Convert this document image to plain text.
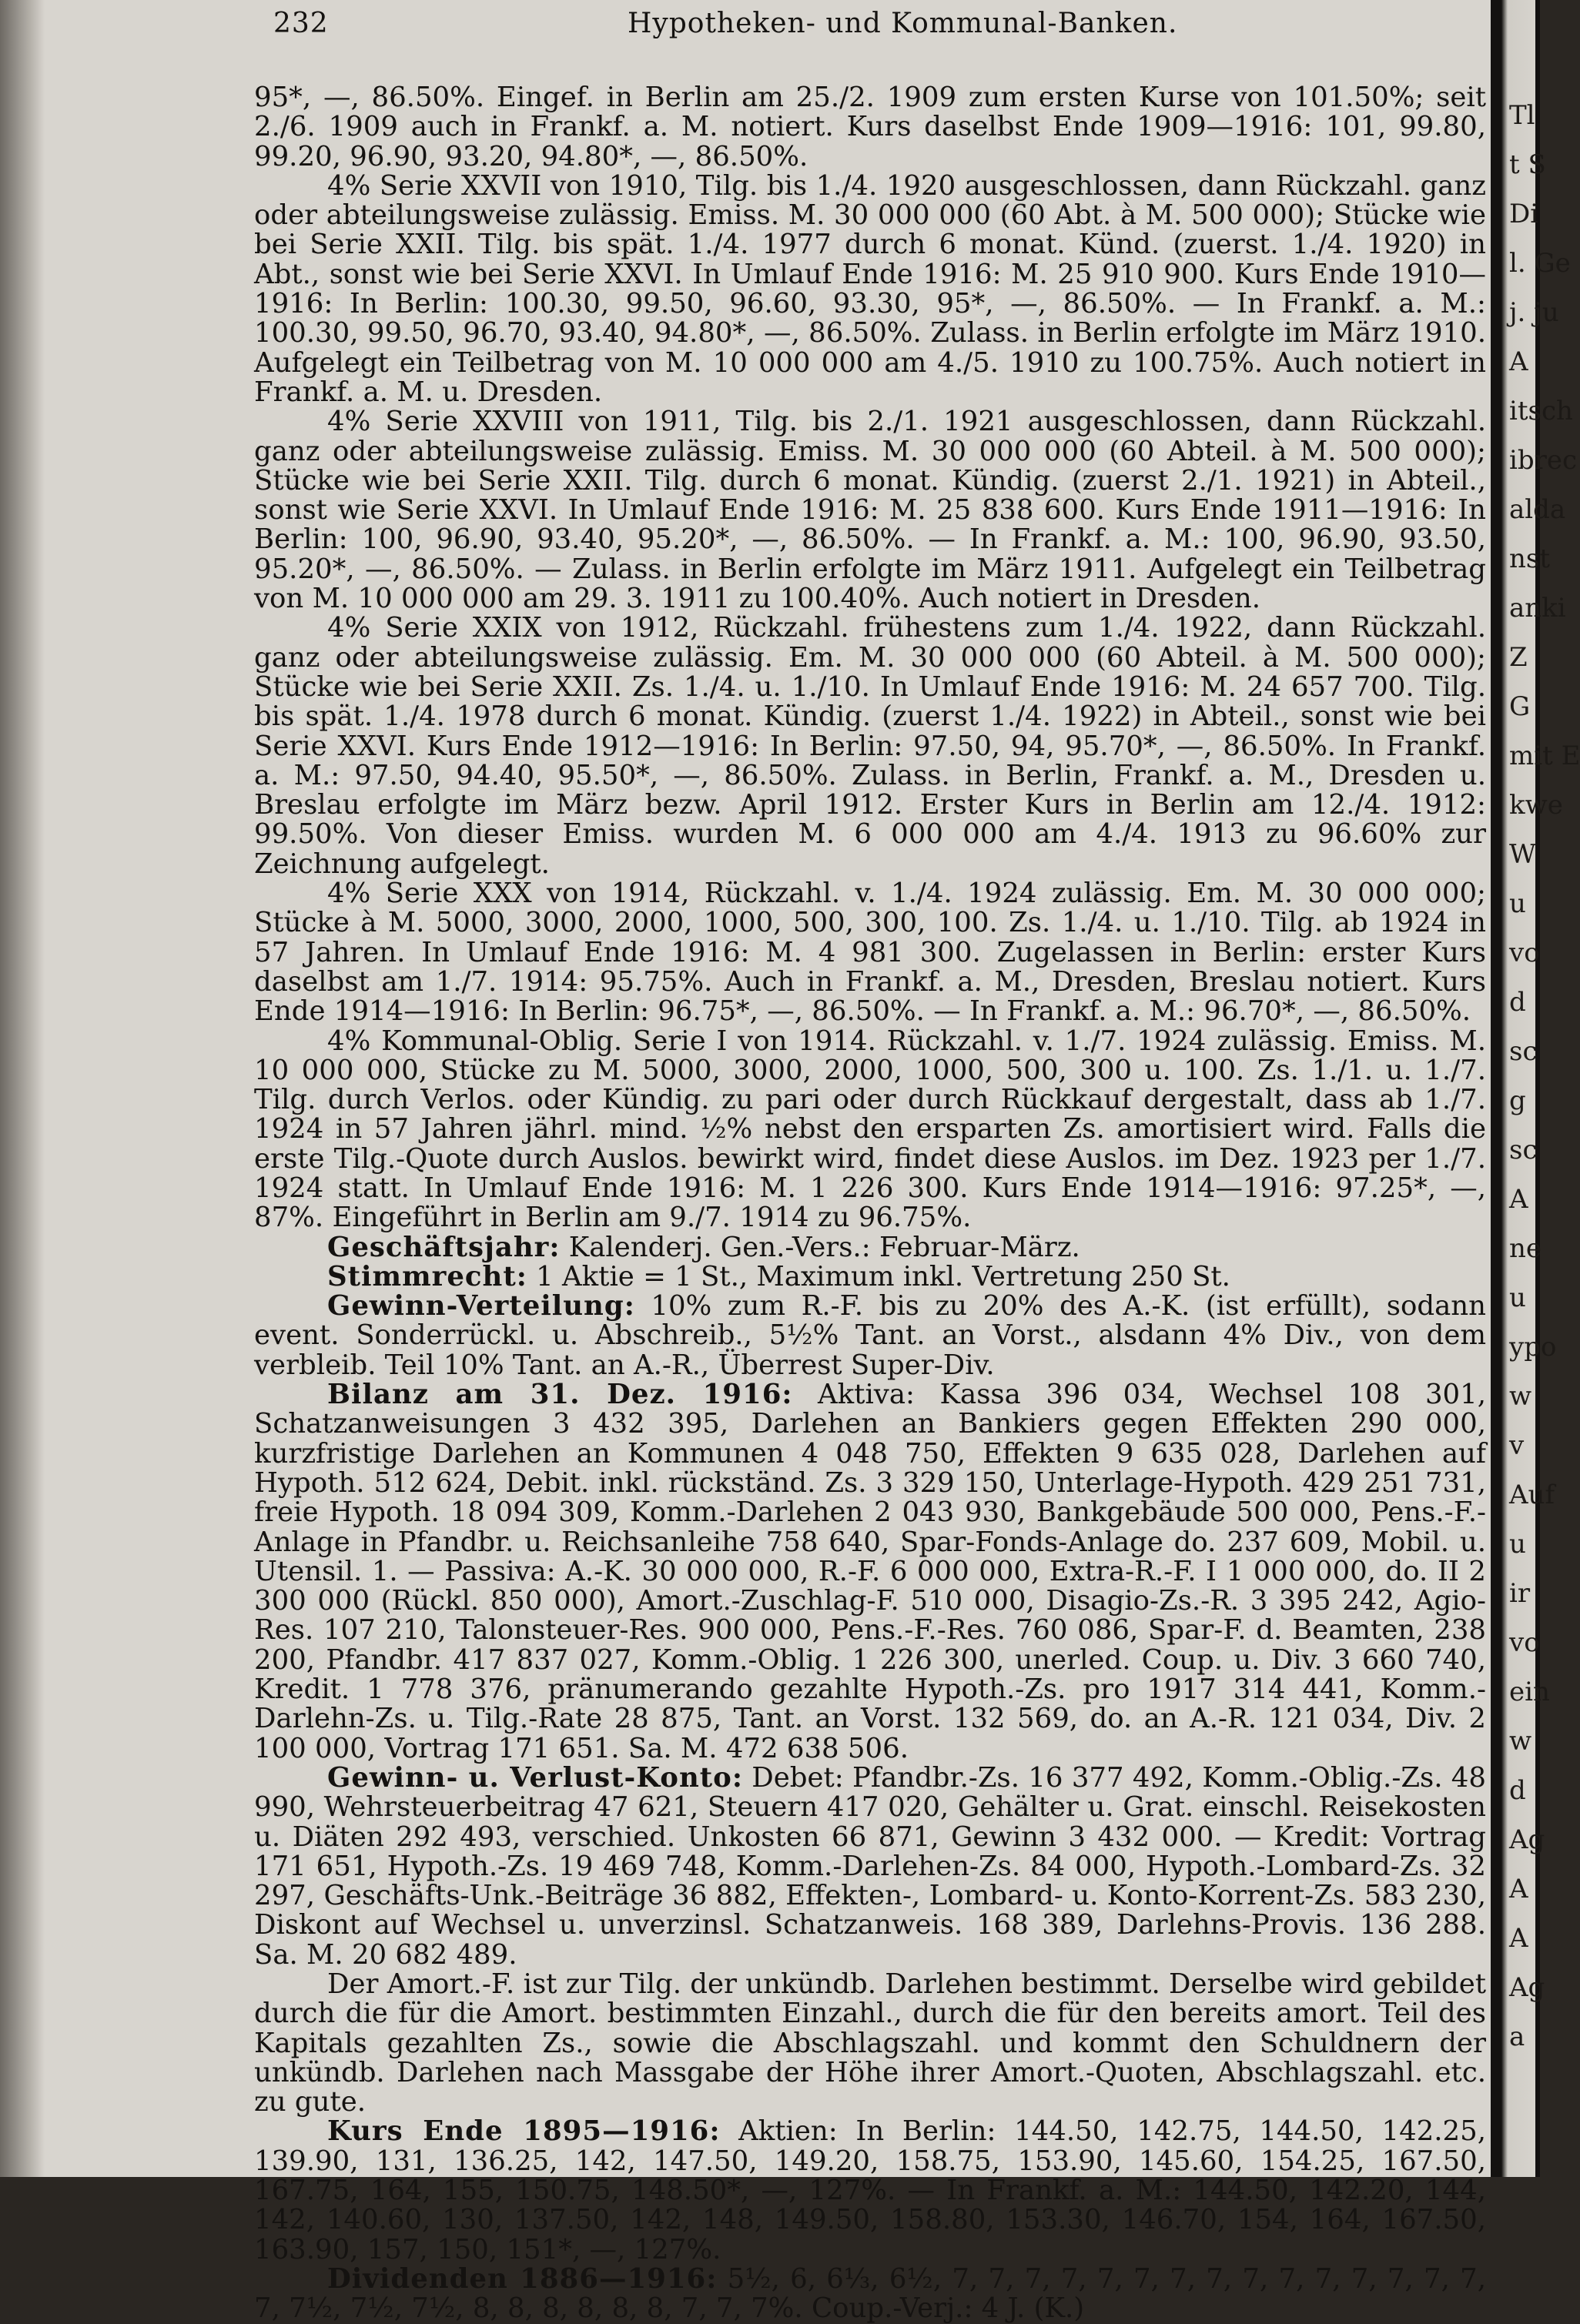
232	Hypotheken- und Kommunal-Banken.

95*, —, 86.50%. Eingef. in Berlin am 25./2. 1909 zum ersten Kurse von 101.50%; seit 2./6. 1909 auch in Frankf. a. M. notiert. Kurs daselbst Ende 1909—1916: 101, 99.80, 99.20, 96.90, 93.20, 94.80*, —, 86.50%.

4% Serie XXVII von 1910, Tilg. bis 1./4. 1920 ausgeschlossen, dann Rückzahl. ganz oder abteilungsweise zulässig. Emiss. M. 30 000 000 (60 Abt. à M. 500 000); Stücke wie bei Serie XXII. Tilg. bis spät. 1./4. 1977 durch 6 monat. Künd. (zuerst. 1./4. 1920) in Abt., sonst wie bei Serie XXVI. In Umlauf Ende 1916: M. 25 910 900. Kurs Ende 1910—1916: In Berlin: 100.30, 99.50, 96.60, 93.30, 95*, —, 86.50%. — In Frankf. a. M.: 100.30, 99.50, 96.70, 93.40, 94.80*, —, 86.50%. Zulass. in Berlin erfolgte im März 1910. Aufgelegt ein Teilbetrag von M. 10 000 000 am 4./5. 1910 zu 100.75%. Auch notiert in Frankf. a. M. u. Dresden.

4% Serie XXVIII von 1911, Tilg. bis 2./1. 1921 ausgeschlossen, dann Rückzahl. ganz oder abteilungsweise zulässig. Emiss. M. 30 000 000 (60 Abteil. à M. 500 000); Stücke wie bei Serie XXII. Tilg. durch 6 monat. Kündig. (zuerst 2./1. 1921) in Abteil., sonst wie Serie XXVI. In Umlauf Ende 1916: M. 25 838 600. Kurs Ende 1911—1916: In Berlin: 100, 96.90, 93.40, 95.20*, —, 86.50%. — In Frankf. a. M.: 100, 96.90, 93.50, 95.20*, —, 86.50%. — Zulass. in Berlin erfolgte im März 1911. Aufgelegt ein Teilbetrag von M. 10 000 000 am 29. 3. 1911 zu 100.40%. Auch notiert in Dresden.

4% Serie XXIX von 1912, Rückzahl. frühestens zum 1./4. 1922, dann Rückzahl. ganz oder abteilungsweise zulässig. Em. M. 30 000 000 (60 Abteil. à M. 500 000); Stücke wie bei Serie XXII. Zs. 1./4. u. 1./10. In Umlauf Ende 1916: M. 24 657 700. Tilg. bis spät. 1./4. 1978 durch 6 monat. Kündig. (zuerst 1./4. 1922) in Abteil., sonst wie bei Serie XXVI. Kurs Ende 1912—1916: In Berlin: 97.50, 94, 95.70*, —, 86.50%. In Frankf. a. M.: 97.50, 94.40, 95.50*, —, 86.50%. Zulass. in Berlin, Frankf. a. M., Dresden u. Breslau erfolgte im März bezw. April 1912. Erster Kurs in Berlin am 12./4. 1912: 99.50%. Von dieser Emiss. wurden M. 6 000 000 am 4./4. 1913 zu 96.60% zur Zeichnung aufgelegt.

4% Serie XXX von 1914, Rückzahl. v. 1./4. 1924 zulässig. Em. M. 30 000 000; Stücke à M. 5000, 3000, 2000, 1000, 500, 300, 100. Zs. 1./4. u. 1./10. Tilg. ab 1924 in 57 Jahren. In Umlauf Ende 1916: M. 4 981 300. Zugelassen in Berlin: erster Kurs daselbst am 1./7. 1914: 95.75%. Auch in Frankf. a. M., Dresden, Breslau notiert. Kurs Ende 1914—1916: In Berlin: 96.75*, —, 86.50%. — In Frankf. a. M.: 96.70*, —, 86.50%.

4% Kommunal-Oblig. Serie I von 1914. Rückzahl. v. 1./7. 1924 zulässig. Emiss. M. 10 000 000, Stücke zu M. 5000, 3000, 2000, 1000, 500, 300 u. 100. Zs. 1./1. u. 1./7. Tilg. durch Verlos. oder Kündig. zu pari oder durch Rückkauf dergestalt, dass ab 1./7. 1924 in 57 Jahren jährl. mind. ½% nebst den ersparten Zs. amortisiert wird. Falls die erste Tilg.-Quote durch Auslos. bewirkt wird, findet diese Auslos. im Dez. 1923 per 1./7. 1924 statt. In Umlauf Ende 1916: M. 1 226 300. Kurs Ende 1914—1916: 97.25*, —, 87%. Eingeführt in Berlin am 9./7. 1914 zu 96.75%.

Geschäftsjahr: Kalenderj. Gen.-Vers.: Februar-März.

Stimmrecht: 1 Aktie = 1 St., Maximum inkl. Vertretung 250 St.

Gewinn-Verteilung: 10% zum R.-F. bis zu 20% des A.-K. (ist erfüllt), sodann event. Sonderrückl. u. Abschreib., 5½% Tant. an Vorst., alsdann 4% Div., von dem verbleib. Teil 10% Tant. an A.-R., Überrest Super-Div.

Bilanz am 31. Dez. 1916: Aktiva: Kassa 396 034, Wechsel 108 301, Schatzanweisungen 3 432 395, Darlehen an Bankiers gegen Effekten 290 000, kurzfristige Darlehen an Kommunen 4 048 750, Effekten 9 635 028, Darlehen auf Hypoth. 512 624, Debit. inkl. rückständ. Zs. 3 329 150, Unterlage-Hypoth. 429 251 731, freie Hypoth. 18 094 309, Komm.-Darlehen 2 043 930, Bankgebäude 500 000, Pens.-F.-Anlage in Pfandbr. u. Reichsanleihe 758 640, Spar-Fonds-Anlage do. 237 609, Mobil. u. Utensil. 1. — Passiva: A.-K. 30 000 000, R.-F. 6 000 000, Extra-R.-F. I 1 000 000, do. II 2 300 000 (Rückl. 850 000), Amort.-Zuschlag-F. 510 000, Disagio-Zs.-R. 3 395 242, Agio-Res. 107 210, Talonsteuer-Res. 900 000, Pens.-F.-Res. 760 086, Spar-F. d. Beamten, 238 200, Pfandbr. 417 837 027, Komm.-Oblig. 1 226 300, unerled. Coup. u. Div. 3 660 740, Kredit. 1 778 376, pränumerando gezahlte Hypoth.-Zs. pro 1917 314 441, Komm.-Darlehn-Zs. u. Tilg.-Rate 28 875, Tant. an Vorst. 132 569, do. an A.-R. 121 034, Div. 2 100 000, Vortrag 171 651. Sa. M. 472 638 506.

Gewinn- u. Verlust-Konto: Debet: Pfandbr.-Zs. 16 377 492, Komm.-Oblig.-Zs. 48 990, Wehrsteuerbeitrag 47 621, Steuern 417 020, Gehälter u. Grat. einschl. Reisekosten u. Diäten 292 493, verschied. Unkosten 66 871, Gewinn 3 432 000. — Kredit: Vortrag 171 651, Hypoth.-Zs. 19 469 748, Komm.-Darlehen-Zs. 84 000, Hypoth.-Lombard-Zs. 32 297, Geschäfts-Unk.-Beiträge 36 882, Effekten-, Lombard- u. Konto-Korrent-Zs. 583 230, Diskont auf Wechsel u. unverzinsl. Schatzanweis. 168 389, Darlehns-Provis. 136 288. Sa. M. 20 682 489.

Der Amort.-F. ist zur Tilg. der unkündb. Darlehen bestimmt. Derselbe wird gebildet durch die für die Amort. bestimmten Einzahl., durch die für den bereits amort. Teil des Kapitals gezahlten Zs., sowie die Abschlagszahl. und kommt den Schuldnern der unkündb. Darlehen nach Massgabe der Höhe ihrer Amort.-Quoten, Abschlagszahl. etc. zu gute.

Kurs Ende 1895—1916: Aktien: In Berlin: 144.50, 142.75, 144.50, 142.25, 139.90, 131, 136.25, 142, 147.50, 149.20, 158.75, 153.90, 145.60, 154.25, 167.50, 167.75, 164, 155, 150.75, 148.50*, —, 127%. — In Frankf. a. M.: 144.50, 142.20, 144, 142, 140.60, 130, 137.50, 142, 148, 149.50, 158.80, 153.30, 146.70, 154, 164, 167.50, 163.90, 157, 150, 151*, —, 127%.

Dividenden 1886—1916: 5½, 6, 6⅓, 6½, 7, 7, 7, 7, 7, 7, 7, 7, 7, 7, 7, 7, 7, 7, 7, 7, 7½, 7½, 7½, 8, 8, 8, 8, 8, 8, 7, 7, 7%. Coup.-Verj.: 4 J. (K.)

Tl
t S
Di
l. Ge
j. ju
A
itsch
ibrec
alda
nst
anki
Z
G
mit E
kwe
W
u
vo
d
sc
g
sc
A
ne
u
ypo
w
v
Auf
u
ir
vo
ein
w
d
Ag
A
A
Ag
a
